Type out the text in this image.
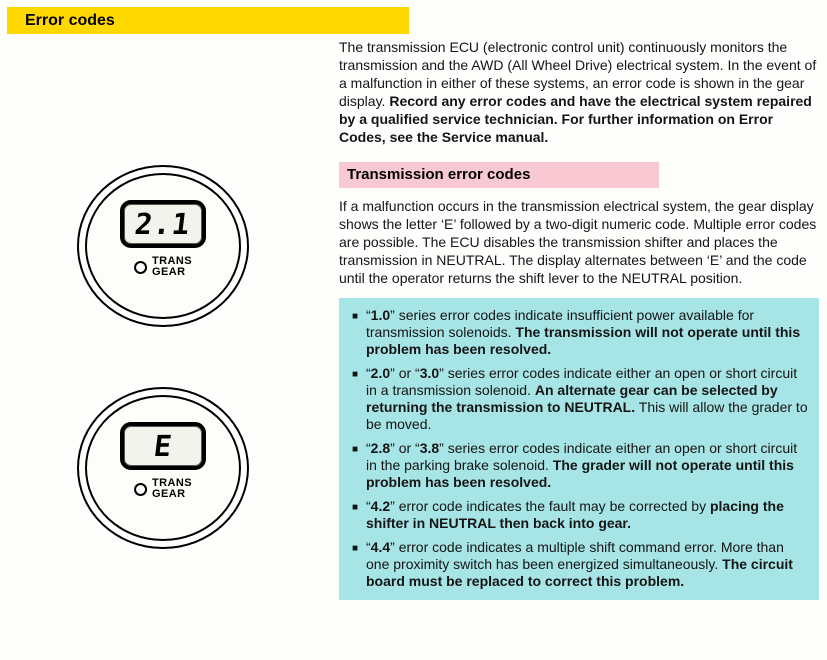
Error codes
2.1
TRANS
GEAR
E
TRANS
GEAR

The transmission ECU (electronic control unit) continuously monitors the transmission and the AWD (All Wheel Drive) electrical system. In the event of a malfunction in either of these systems, an error code is shown in the gear display. Record any error codes and have the electrical system repaired by a qualified service technician. For further information on Error Codes, see the Service manual.

Transmission error codes

If a malfunction occurs in the transmission electrical system, the gear display shows the letter ‘E’ followed by a two-digit numeric code. Multiple error codes are possible. The ECU disables the transmission shifter and places the transmission in NEUTRAL. The display alternates between ‘E’ and the code until the operator returns the shift lever to the NEUTRAL position.

■ “1.0” series error codes indicate insufficient power available for transmission solenoids. The transmission will not operate until this problem has been resolved.
■ “2.0” or “3.0” series error codes indicate either an open or short circuit in a transmission solenoid. An alternate gear can be selected by returning the transmission to NEUTRAL. This will allow the grader to be moved.
■ “2.8” or “3.8” series error codes indicate either an open or short circuit in the parking brake solenoid. The grader will not operate until this problem has been resolved.
■ “4.2” error code indicates the fault may be corrected by placing the shifter in NEUTRAL then back into gear.
■ “4.4” error code indicates a multiple shift command error. More than one proximity switch has been energized simultaneously. The circuit board must be replaced to correct this problem.
